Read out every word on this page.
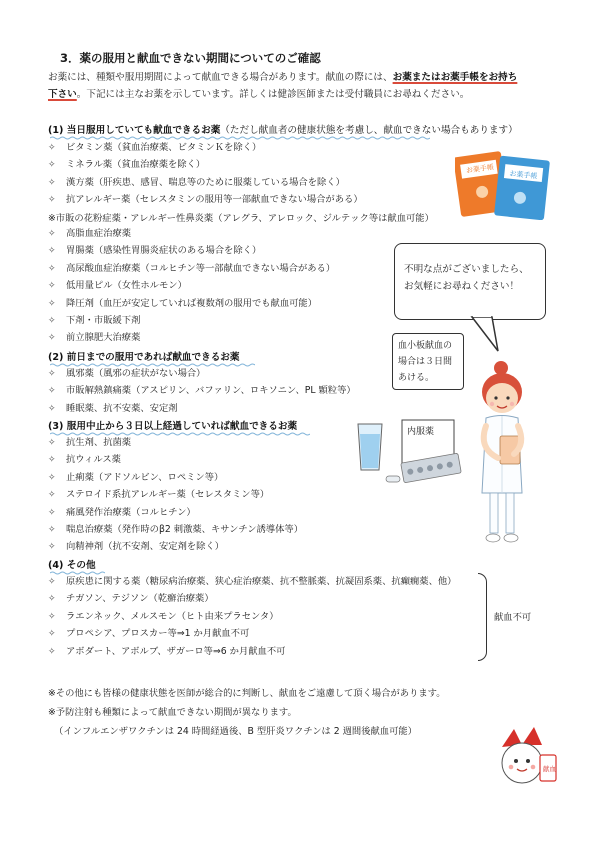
3．薬の服用と献血できない期間についてのご確認
お薬には、種類や服用期間によって献血できる場合があります。献血の際には、お薬またはお薬手帳をお持ち
下さい。下記には主なお薬を示しています。詳しくは健診医師または受付職員にお尋ねください。
(1) 当日服用していても献血できるお薬（ただし献血者の健康状態を考慮し、献血できない場合もあります）
✧ ビタミン薬（貧血治療薬、ビタミンＫを除く）
✧ ミネラル薬（貧血治療薬を除く）
✧ 漢方薬（肝疾患、感冒、喘息等のために服薬している場合を除く）
✧ 抗アレルギー薬（セレスタミンの服用等一部献血できない場合がある）
※市販の花粉症薬・アレルギー性鼻炎薬（アレグラ、アレロック、ジルテック等は献血可能）
✧ 高脂血症治療薬
✧ 胃腸薬（感染性胃腸炎症状のある場合を除く）
✧ 高尿酸血症治療薬（コルヒチン等一部献血できない場合がある）
✧ 低用量ピル（女性ホルモン）
✧ 降圧剤（血圧が安定していれば複数剤の服用でも献血可能）
✧ 下剤・市販緩下剤
✧ 前立腺肥大治療薬
(2) 前日までの服用であれば献血できるお薬
✧ 風邪薬（風邪の症状がない場合）
✧ 市販解熱鎮痛薬（アスピリン、バファリン、ロキソニン、PL 顆粒等）
✧ 睡眠薬、抗不安薬、安定剤
(3) 服用中止から３日以上経過していれば献血できるお薬
✧ 抗生剤、抗菌薬
✧ 抗ウィルス薬
✧ 止痢薬（アドソルビン、ロペミン等）
✧ ステロイド系抗アレルギー薬（セレスタミン等）
✧ 痛風発作治療薬（コルヒチン）
✧ 喘息治療薬（発作時のβ2 刺激薬、キサンチン誘導体等）
✧ 向精神剤（抗不安剤、安定剤を除く）
(4) その他
✧ 原疾患に関する薬（糖尿病治療薬、狭心症治療薬、抗不整脈薬、抗凝固系薬、抗癲癇薬、他）
✧ チガソン、テジソン（乾癬治療薬）
✧ ラエンネック、メルスモン（ヒト由来プラセンタ）
✧ プロペシア、プロスカー等⇒1 か月献血不可
✧ アボダート、アボルブ、ザガーロ等⇒6 か月献血不可
献血不可
お薬手帳
お薬手帳
不明な点がございましたら、
お気軽にお尋ねください！
血小板献血の
場合は３日間
あける。
内服薬
※その他にも皆様の健康状態を医師が総合的に判断し、献血をご遠慮して頂く場合があります。
※予防注射も種類によって献血できない期間が異なります。
（インフルエンザワクチンは 24 時間経過後、B 型肝炎ワクチンは 2 週間後献血可能）
献血
